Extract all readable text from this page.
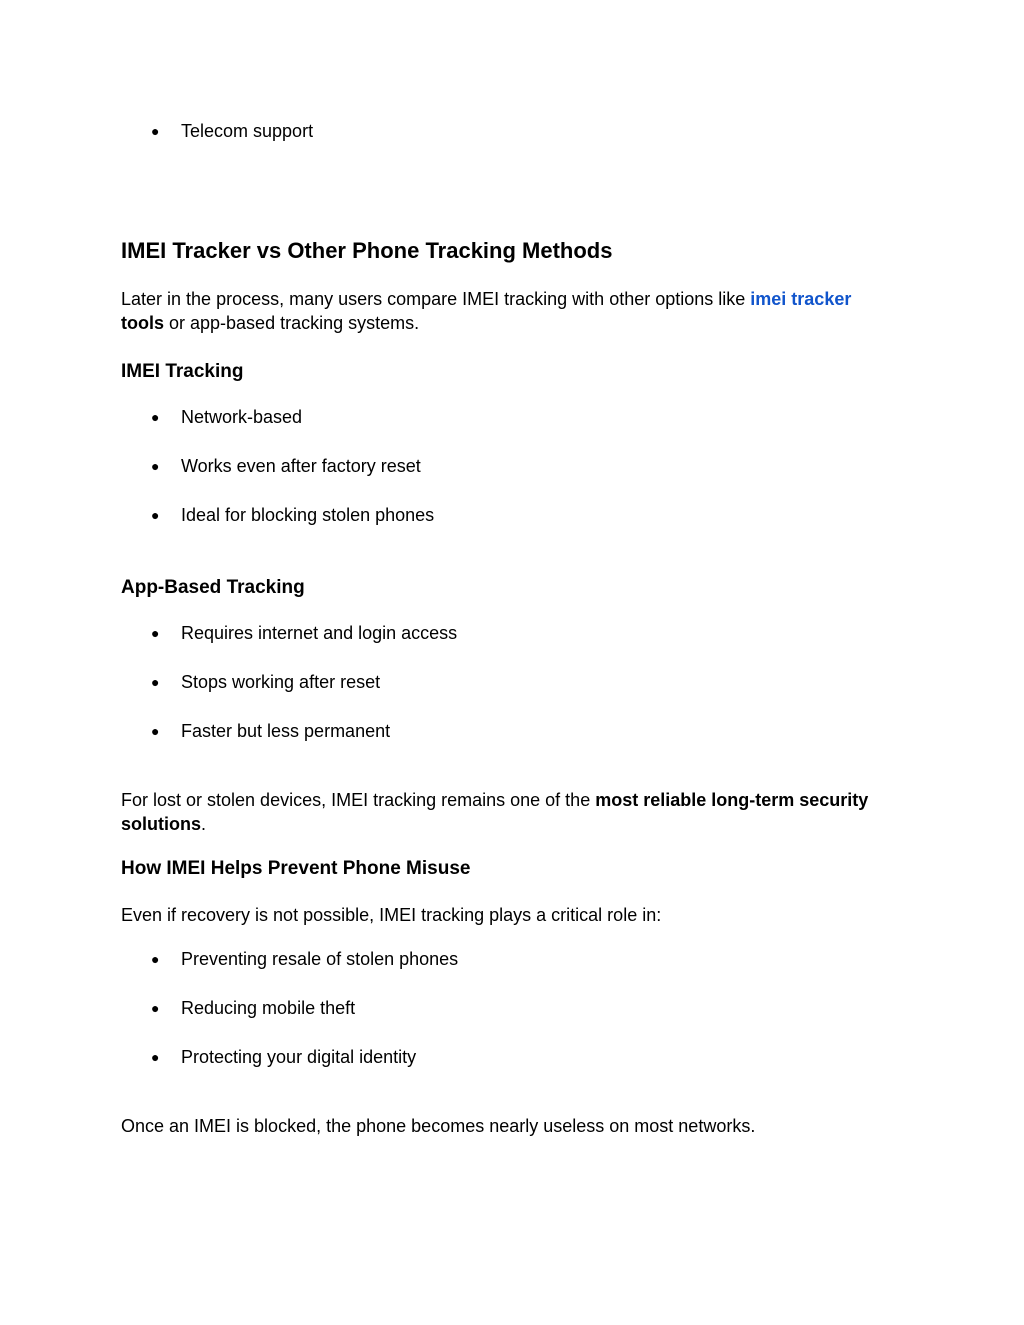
● Telecom support
IMEI Tracker vs Other Phone Tracking Methods

Later in the process, many users compare IMEI tracking with other options like imei tracker
tools or app-based tracking systems.

IMEI Tracking
● Network-based
● Works even after factory reset
● Ideal for blocking stolen phones
App-Based Tracking
● Requires internet and login access
● Stops working after reset
● Faster but less permanent

For lost or stolen devices, IMEI tracking remains one of the most reliable long-term security solutions.

How IMEI Helps Prevent Phone Misuse

Even if recovery is not possible, IMEI tracking plays a critical role in:

● Preventing resale of stolen phones
● Reducing mobile theft
● Protecting your digital identity

Once an IMEI is blocked, the phone becomes nearly useless on most networks.
